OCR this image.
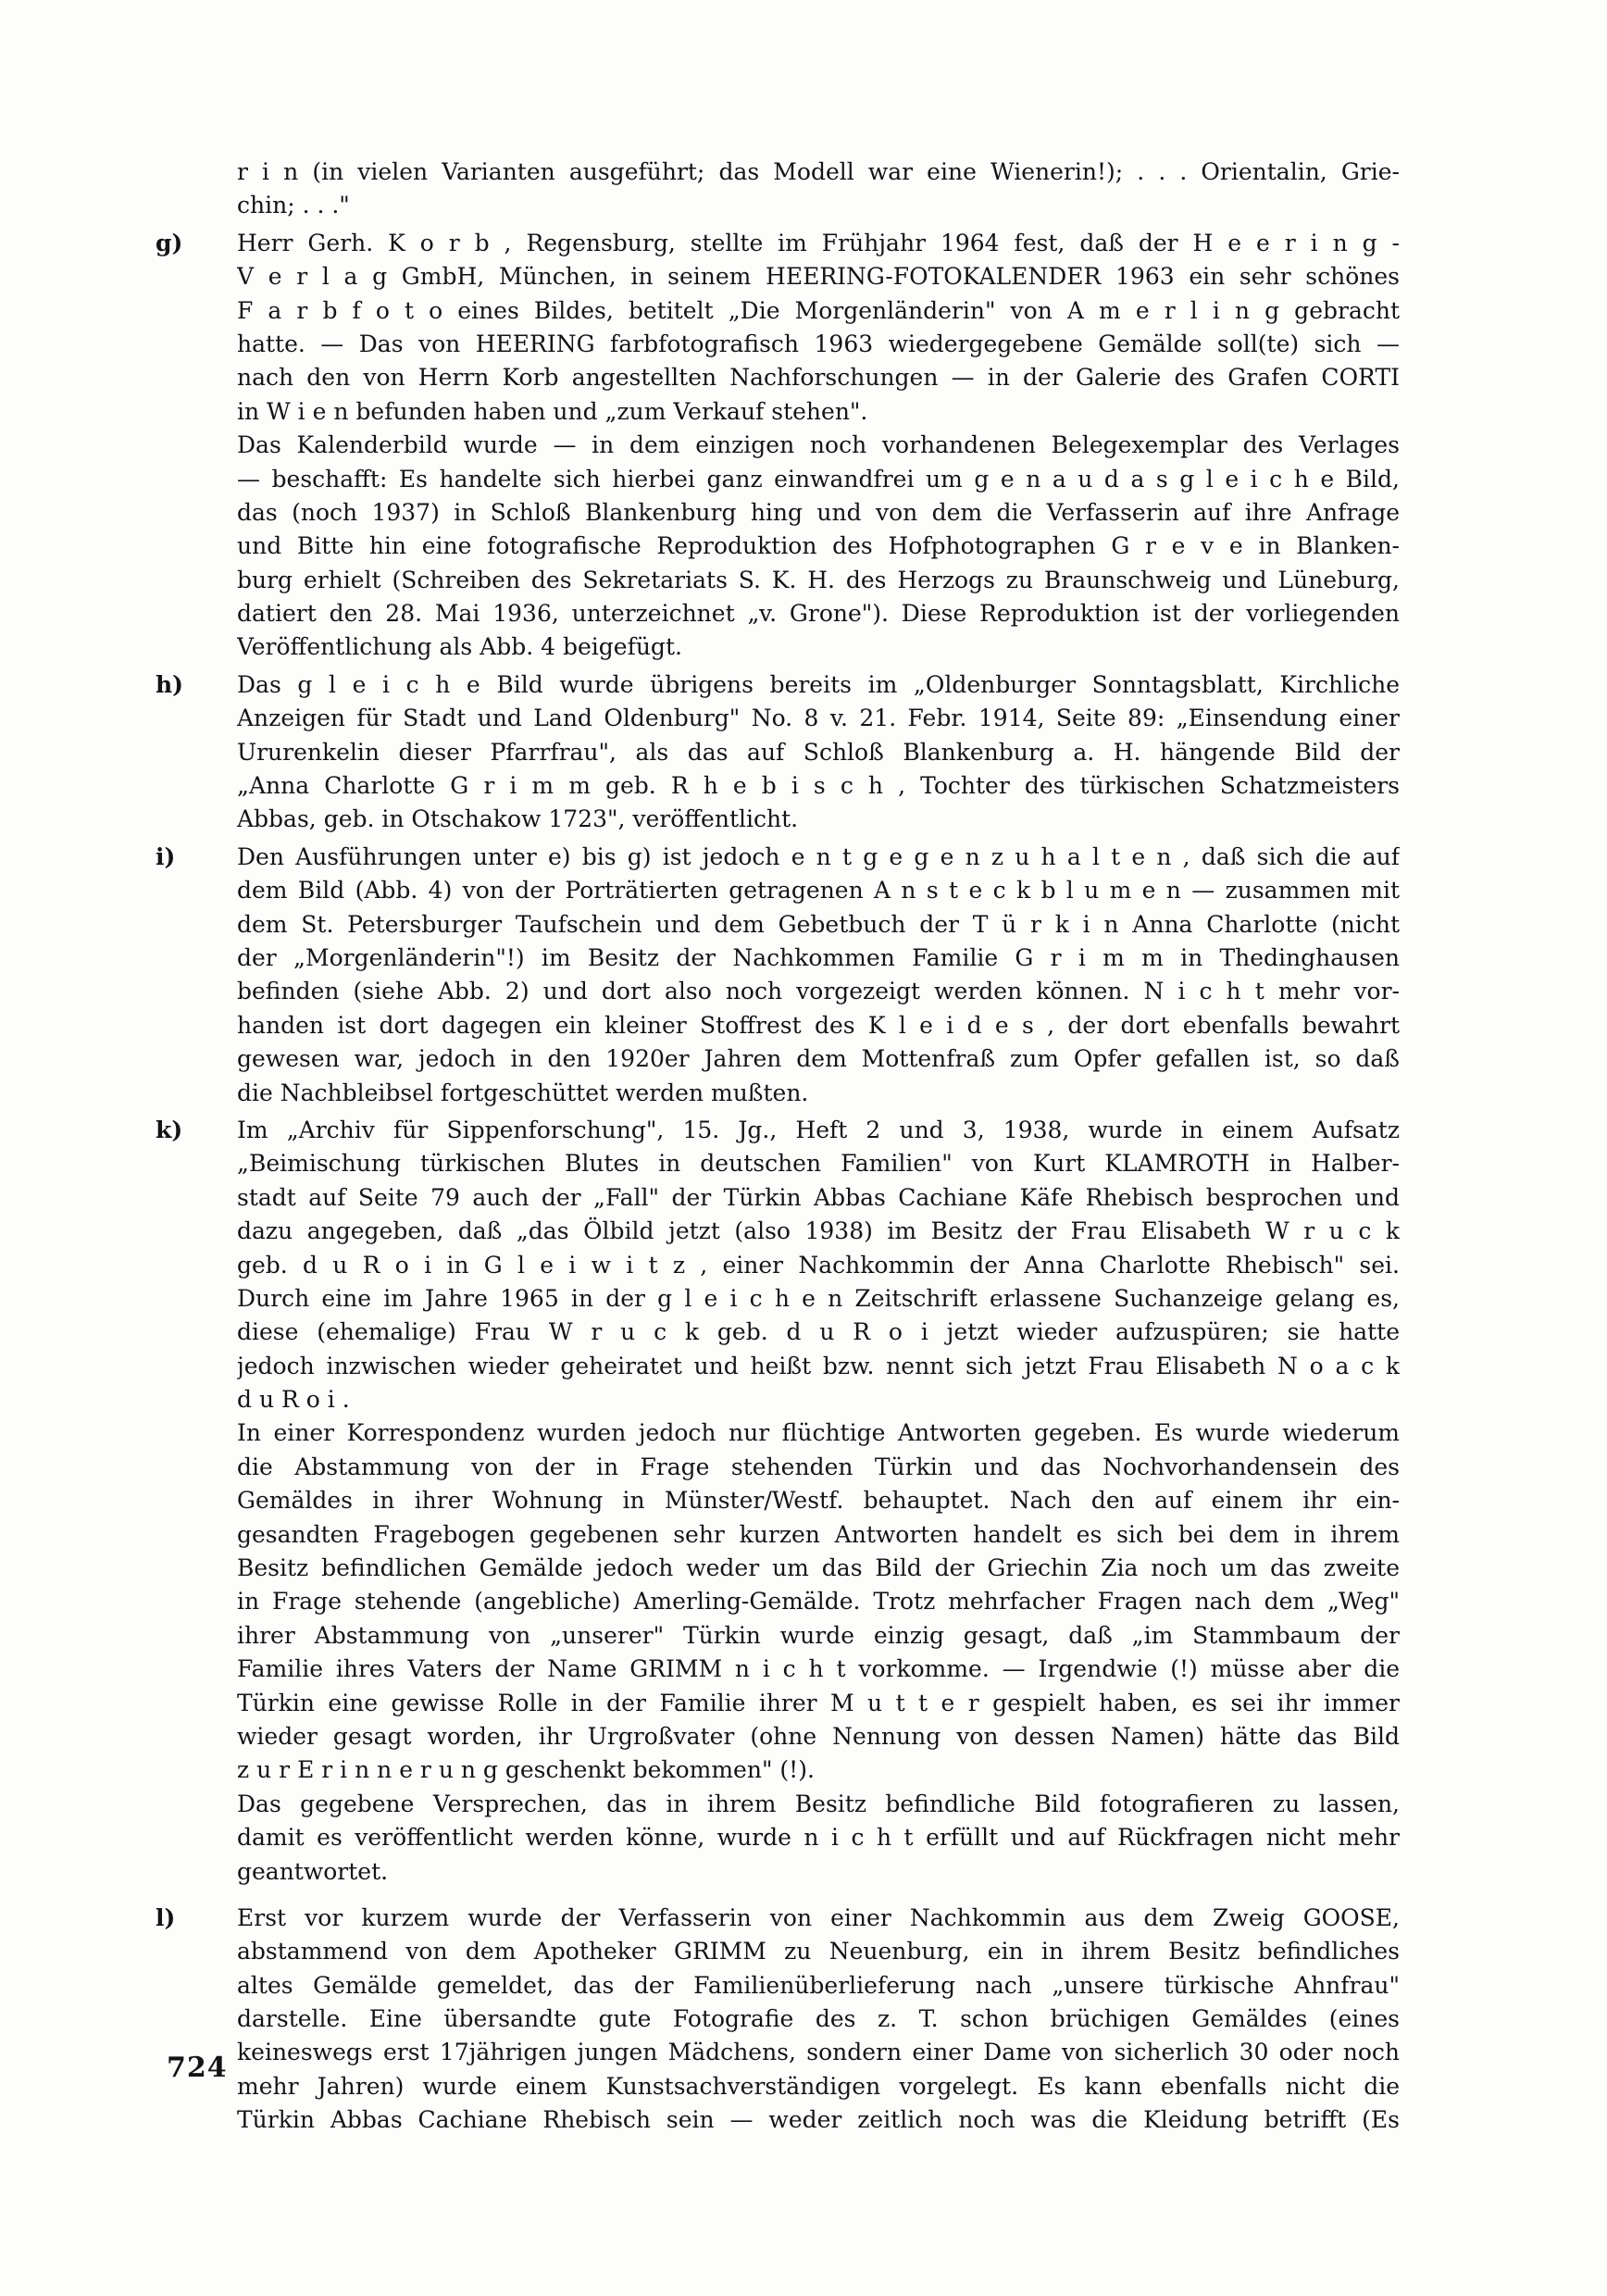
r i n (in vielen Varianten ausgeführt; das Modell war eine Wienerin!); . . . Orientalin, Grie-
chin; . . ."
g) Herr Gerh. K o r b , Regensburg, stellte im Frühjahr 1964 fest, daß der H e e r i n g -
V e r l a g GmbH, München, in seinem HEERING-FOTOKALENDER 1963 ein sehr schönes
F a r b f o t o eines Bildes, betitelt „Die Morgenländerin" von A m e r l i n g gebracht
hatte. — Das von HEERING farbfotografisch 1963 wiedergegebene Gemälde soll(te) sich —
nach den von Herrn Korb angestellten Nachforschungen — in der Galerie des Grafen CORTI
in W i e n befunden haben und „zum Verkauf stehen".
Das Kalenderbild wurde — in dem einzigen noch vorhandenen Belegexemplar des Verlages
— beschafft: Es handelte sich hierbei ganz einwandfrei um g e n a u d a s g l e i c h e Bild,
das (noch 1937) in Schloß Blankenburg hing und von dem die Verfasserin auf ihre Anfrage
und Bitte hin eine fotografische Reproduktion des Hofphotographen G r e v e in Blanken-
burg erhielt (Schreiben des Sekretariats S. K. H. des Herzogs zu Braunschweig und Lüneburg,
datiert den 28. Mai 1936, unterzeichnet „v. Grone"). Diese Reproduktion ist der vorliegenden
Veröffentlichung als Abb. 4 beigefügt.
h) Das g l e i c h e Bild wurde übrigens bereits im „Oldenburger Sonntagsblatt, Kirchliche
Anzeigen für Stadt und Land Oldenburg" No. 8 v. 21. Febr. 1914, Seite 89: „Einsendung einer
Ururenkelin dieser Pfarrfrau", als das auf Schloß Blankenburg a. H. hängende Bild der
„Anna Charlotte G r i m m geb. R h e b i s c h , Tochter des türkischen Schatzmeisters
Abbas, geb. in Otschakow 1723", veröffentlicht.
i)	Den Ausführungen unter e) bis g) ist jedoch e n t g e g e n z u h a l t e n , daß sich die auf
dem Bild (Abb. 4) von der Porträtierten getragenen A n s t e c k b l u m e n — zusammen mit
dem St. Petersburger Taufschein und dem Gebetbuch der T ü r k i n Anna Charlotte (nicht
der „Morgenländerin"!) im Besitz der Nachkommen Familie G r i m m in Thedinghausen
befinden (siehe Abb. 2) und dort also noch vorgezeigt werden können. N i c h t mehr vor-
handen ist dort dagegen ein kleiner Stoffrest des K l e i d e s , der dort ebenfalls bewahrt
gewesen war, jedoch in den 1920er Jahren dem Mottenfraß zum Opfer gefallen ist, so daß
die Nachbleibsel fortgeschüttet werden mußten.
k) Im „Archiv für Sippenforschung", 15. Jg., Heft 2 und 3, 1938, wurde in einem Aufsatz
„Beimischung türkischen Blutes in deutschen Familien" von Kurt KLAMROTH in Halber-
stadt auf Seite 79 auch der „Fall" der Türkin Abbas Cachiane Käfe Rhebisch besprochen und
dazu angegeben, daß „das Ölbild jetzt (also 1938) im Besitz der Frau Elisabeth W r u c k
geb. d u R o i in G l e i w i t z , einer Nachkommin der Anna Charlotte Rhebisch" sei.
Durch eine im Jahre 1965 in der g l e i c h e n Zeitschrift erlassene Suchanzeige gelang es,
diese (ehemalige) Frau W r u c k geb. d u R o i jetzt wieder aufzuspüren; sie hatte
jedoch inzwischen wieder geheiratet und heißt bzw. nennt sich jetzt Frau Elisabeth N o a c k
d u R o i .
In einer Korrespondenz wurden jedoch nur flüchtige Antworten gegeben. Es wurde wiederum
die Abstammung von der in Frage stehenden Türkin und das Nochvorhandensein des
Gemäldes in ihrer Wohnung in Münster/Westf. behauptet. Nach den auf einem ihr ein-
gesandten Fragebogen gegebenen sehr kurzen Antworten handelt es sich bei dem in ihrem
Besitz befindlichen Gemälde jedoch weder um das Bild der Griechin Zia noch um das zweite
in Frage stehende (angebliche) Amerling-Gemälde. Trotz mehrfacher Fragen nach dem „Weg"
ihrer Abstammung von „unserer" Türkin wurde einzig gesagt, daß „im Stammbaum der
Familie ihres Vaters der Name GRIMM n i c h t vorkomme. — Irgendwie (!) müsse aber die
Türkin eine gewisse Rolle in der Familie ihrer M u t t e r gespielt haben, es sei ihr immer
wieder gesagt worden, ihr Urgroßvater (ohne Nennung von dessen Namen) hätte das Bild
z u r E r i n n e r u n g geschenkt bekommen" (!).
Das gegebene Versprechen, das in ihrem Besitz befindliche Bild fotografieren zu lassen,
damit es veröffentlicht werden könne, wurde n i c h t erfüllt und auf Rückfragen nicht mehr
geantwortet.
l)	Erst vor kurzem wurde der Verfasserin von einer Nachkommin aus dem Zweig GOOSE,
abstammend von dem Apotheker GRIMM zu Neuenburg, ein in ihrem Besitz befindliches
altes Gemälde gemeldet, das der Familienüberlieferung nach „unsere türkische Ahnfrau"
darstelle. Eine übersandte gute Fotografie des z. T. schon brüchigen Gemäldes (eines
keineswegs erst 17jährigen jungen Mädchens, sondern einer Dame von sicherlich 30 oder noch
mehr Jahren) wurde einem Kunstsachverständigen vorgelegt. Es kann ebenfalls nicht die
Türkin Abbas Cachiane Rhebisch sein — weder zeitlich noch was die Kleidung betrifft (Es
724
